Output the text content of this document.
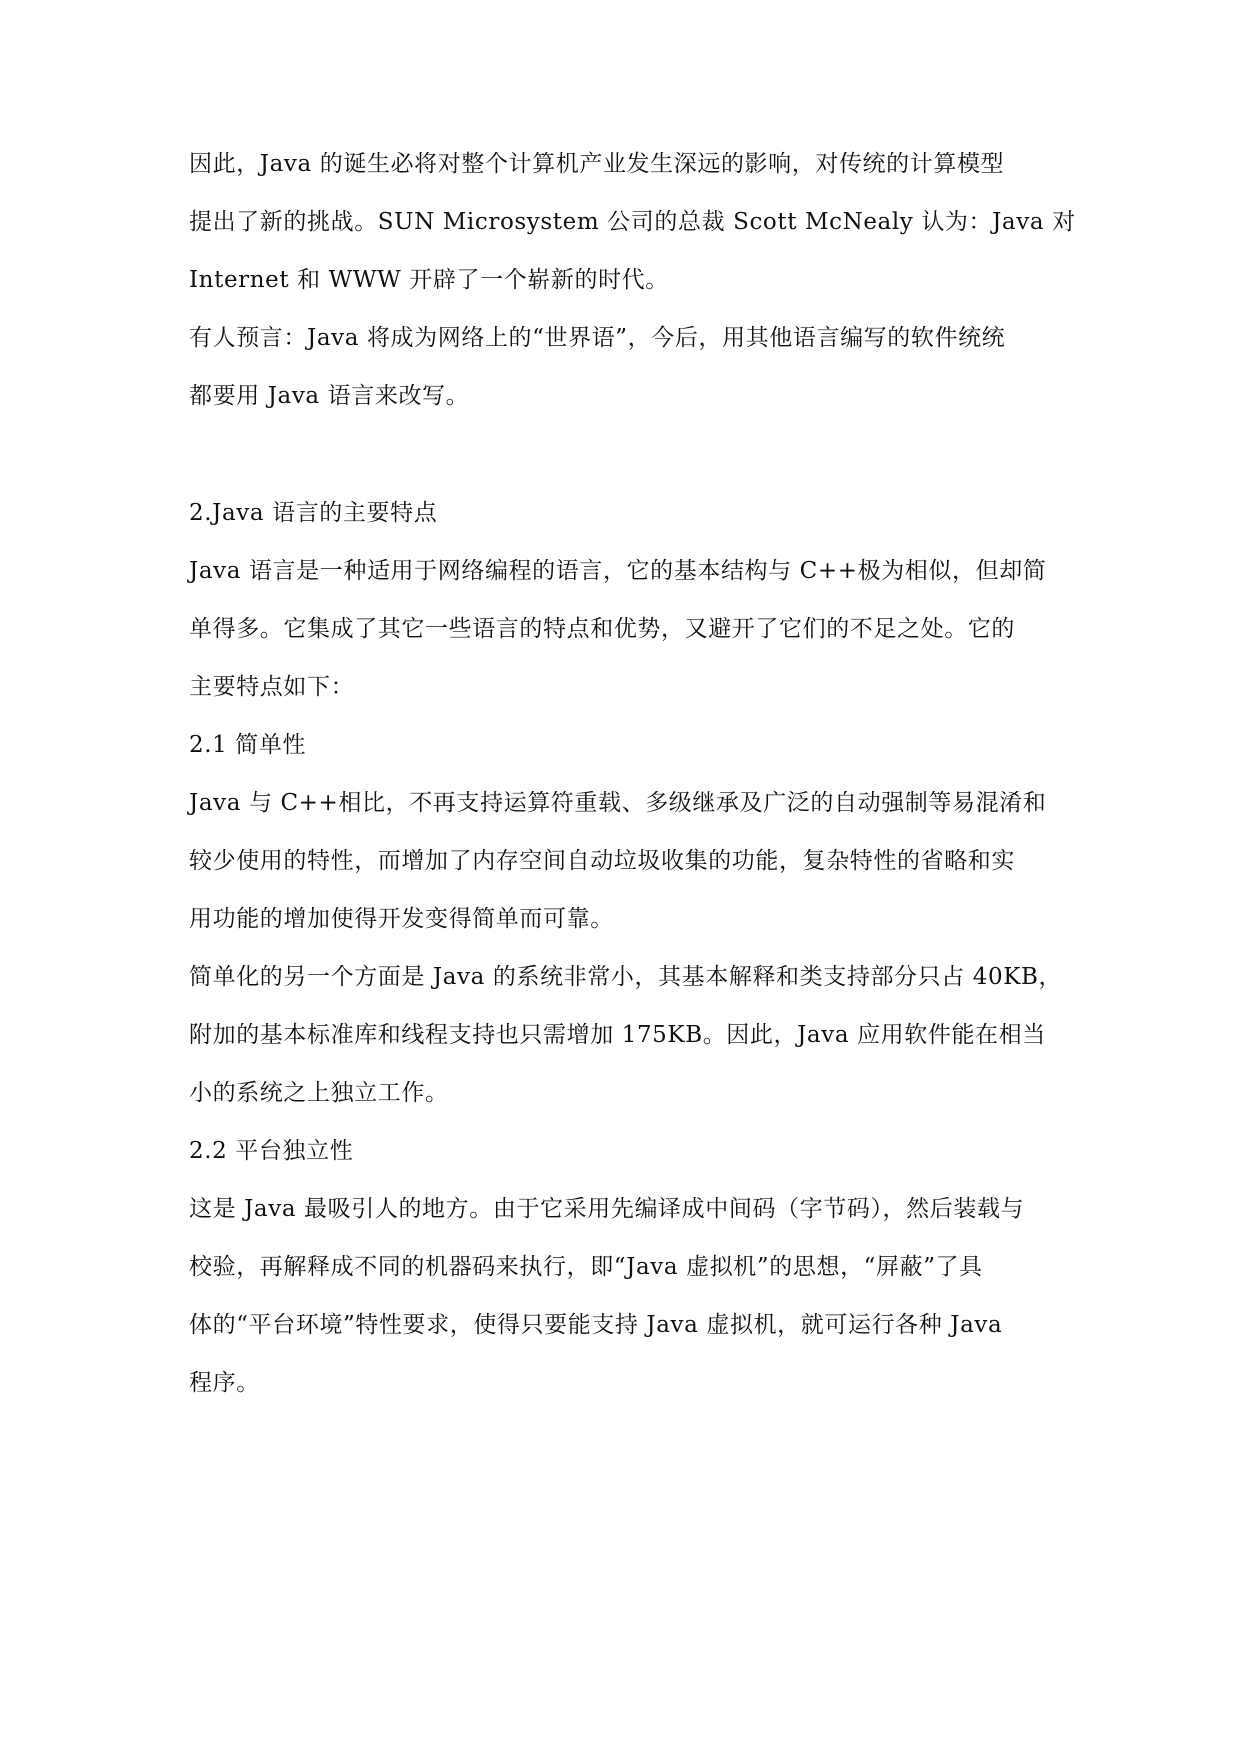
因此，Java 的诞生必将对整个计算机产业发生深远的影响，对传统的计算模型
提出了新的挑战。SUN Microsystem 公司的总裁 Scott McNealy 认为：Java 对
Internet 和 WWW 开辟了一个崭新的时代。
有人预言：Java 将成为网络上的“世界语”，今后，用其他语言编写的软件统统
都要用 Java 语言来改写。
2.Java 语言的主要特点
Java 语言是一种适用于网络编程的语言，它的基本结构与 C++极为相似，但却简
单得多。它集成了其它一些语言的特点和优势，又避开了它们的不足之处。它的
主要特点如下：
2.1 简单性
Java 与 C++相比，不再支持运算符重载、多级继承及广泛的自动强制等易混淆和
较少使用的特性，而增加了内存空间自动垃圾收集的功能，复杂特性的省略和实
用功能的增加使得开发变得简单而可靠。
简单化的另一个方面是 Java 的系统非常小，其基本解释和类支持部分只占 40KB，
附加的基本标准库和线程支持也只需增加 175KB。因此，Java 应用软件能在相当
小的系统之上独立工作。
2.2 平台独立性
这是 Java 最吸引人的地方。由于它采用先编译成中间码（字节码），然后装载与
校验，再解释成不同的机器码来执行，即“Java 虚拟机”的思想，“屏蔽”了具
体的“平台环境”特性要求，使得只要能支持 Java 虚拟机，就可运行各种 Java
程序。
